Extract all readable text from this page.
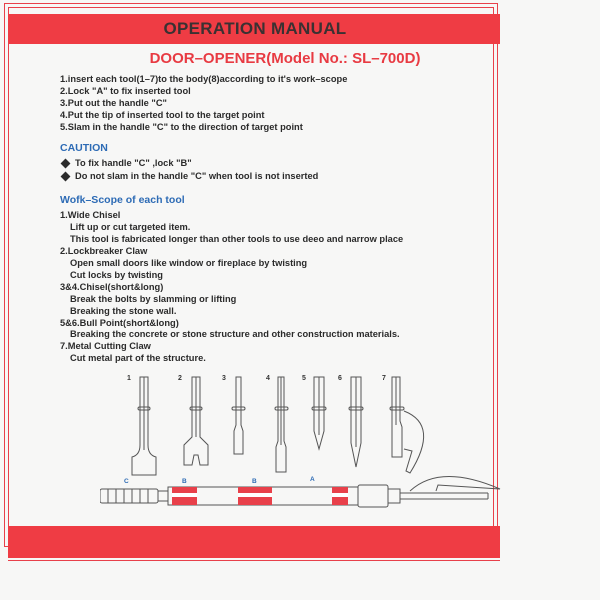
OPERATION MANUAL
DOOR–OPENER(Model No.: SL–700D)
1.insert each tool(1–7)to the body(8)according to it's work–scope
2.Lock "A" to fix inserted tool
3.Put out the handle "C"
4.Put the tip of inserted tool to the target point
5.Slam in the handle "C" to the direction of target point
CAUTION
To fix handle "C" ,lock "B"
Do not slam in the handle "C" when tool is not inserted
Wofk–Scope of each tool
1.Wide Chisel
Lift up or cut targeted item.
This tool is fabricated longer than other tools to use deeo and narrow place
2.Lockbreaker Claw
Open small doors like window or fireplace by twisting
Cut locks by twisting
3&4.Chisel(short&long)
Break the bolts by slamming or lifting
Breaking the stone wall.
5&6.Bull Point(short&long)
Breaking the concrete or stone structure and other construction materials.
7.Metal Cutting Claw
Cut metal part of the structure.
1	2	3	4	5	6	7
C	B	B	A
